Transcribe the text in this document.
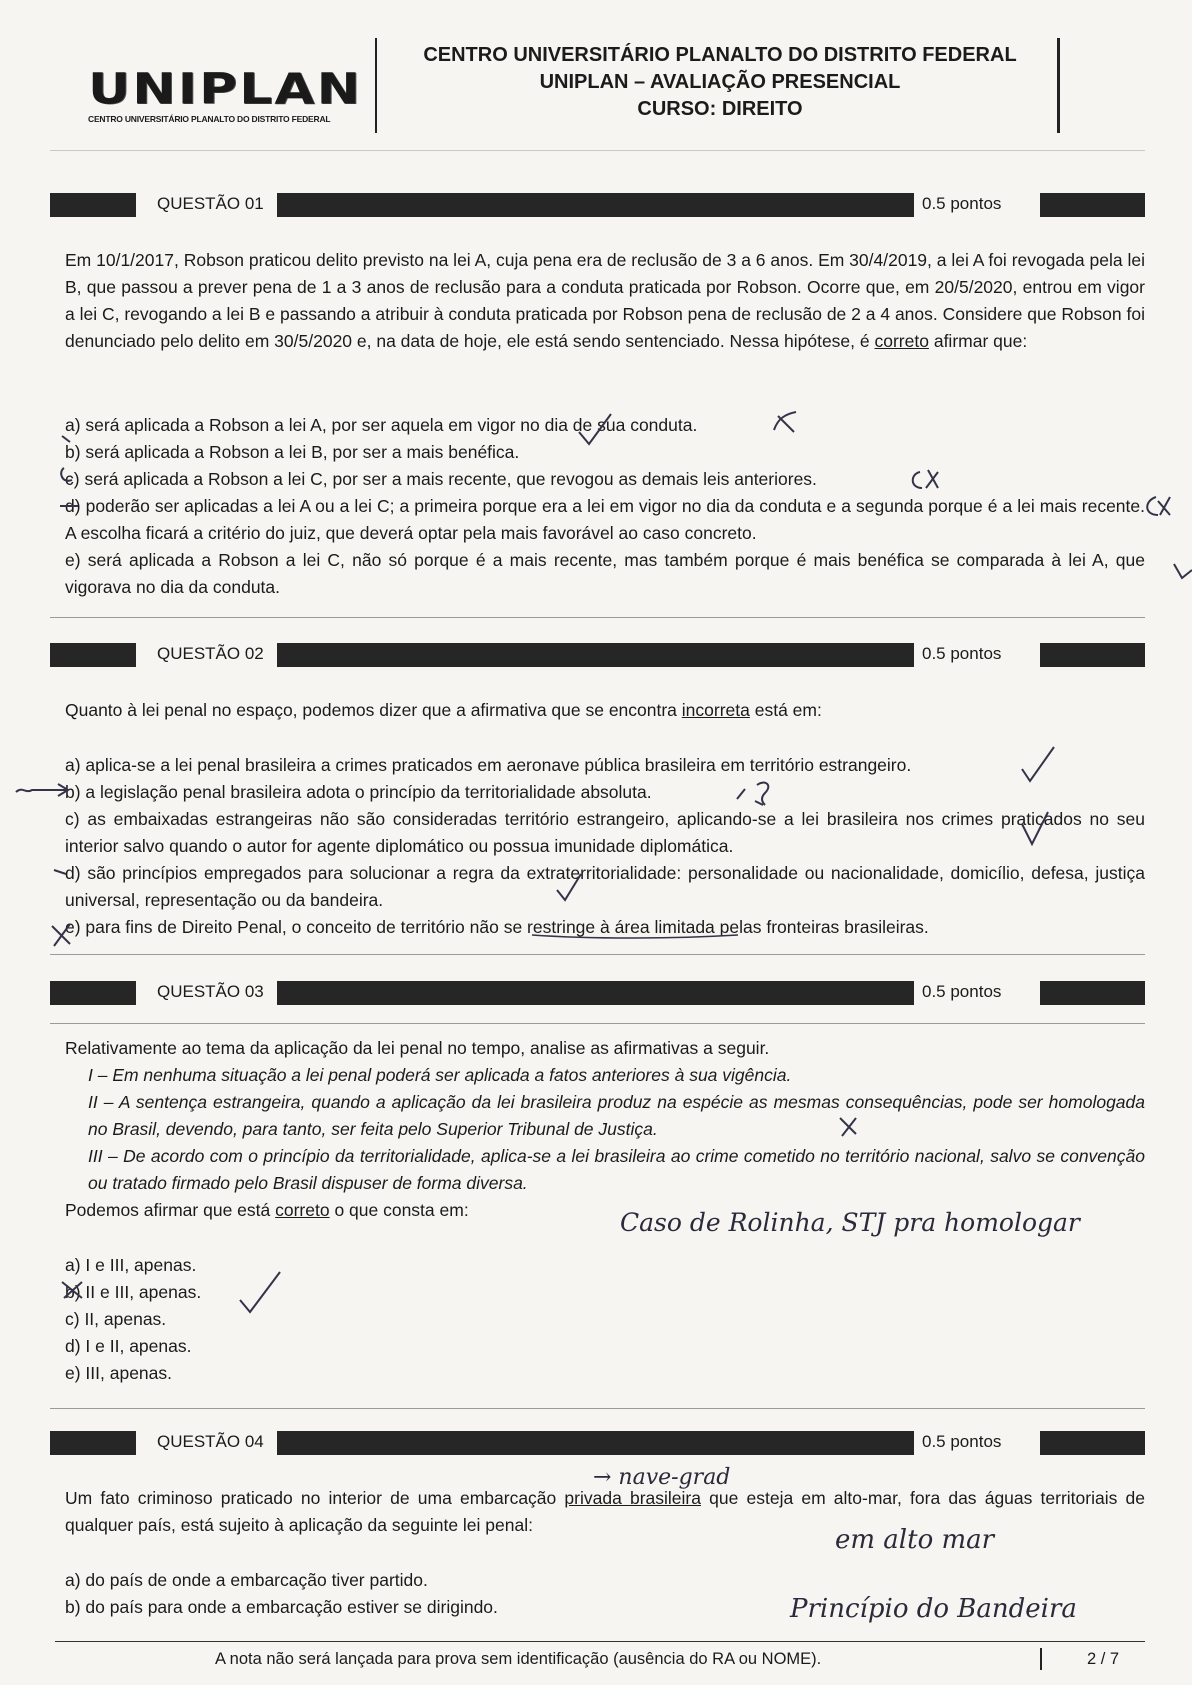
UNIPLAN
CENTRO UNIVERSITÁRIO PLANALTO DO DISTRITO FEDERAL
CENTRO UNIVERSITÁRIO PLANALTO DO DISTRITO FEDERAL
UNIPLAN – AVALIAÇÃO PRESENCIAL
CURSO: DIREITO
QUESTÃO 01	0.5 pontos
Em 10/1/2017, Robson praticou delito previsto na lei A, cuja pena era de reclusão de 3 a 6 anos. Em 30/4/2019, a lei A foi revogada pela lei B, que passou a prever pena de 1 a 3 anos de reclusão para a conduta praticada por Robson. Ocorre que, em 20/5/2020, entrou em vigor a lei C, revogando a lei B e passando a atribuir à conduta praticada por Robson pena de reclusão de 2 a 4 anos. Considere que Robson foi denunciado pelo delito em 30/5/2020 e, na data de hoje, ele está sendo sentenciado. Nessa hipótese, é correto afirmar que:
a) será aplicada a Robson a lei A, por ser aquela em vigor no dia de sua conduta.
b) será aplicada a Robson a lei B, por ser a mais benéfica.
c) será aplicada a Robson a lei C, por ser a mais recente, que revogou as demais leis anteriores.
d) poderão ser aplicadas a lei A ou a lei C; a primeira porque era a lei em vigor no dia da conduta e a segunda porque é a lei mais recente. A escolha ficará a critério do juiz, que deverá optar pela mais favorável ao caso concreto.
e) será aplicada a Robson a lei C, não só porque é a mais recente, mas também porque é mais benéfica se comparada à lei A, que vigorava no dia da conduta.
QUESTÃO 02	0.5 pontos
Quanto à lei penal no espaço, podemos dizer que a afirmativa que se encontra incorreta está em:
a) aplica-se a lei penal brasileira a crimes praticados em aeronave pública brasileira em território estrangeiro.
b) a legislação penal brasileira adota o princípio da territorialidade absoluta.
c) as embaixadas estrangeiras não são consideradas território estrangeiro, aplicando-se a lei brasileira nos crimes praticados no seu interior salvo quando o autor for agente diplomático ou possua imunidade diplomática.
d) são princípios empregados para solucionar a regra da extraterritorialidade: personalidade ou nacionalidade, domicílio, defesa, justiça universal, representação ou da bandeira.
e) para fins de Direito Penal, o conceito de território não se restringe à área limitada pelas fronteiras brasileiras.
QUESTÃO 03	0.5 pontos
Relativamente ao tema da aplicação da lei penal no tempo, analise as afirmativas a seguir.
I – Em nenhuma situação a lei penal poderá ser aplicada a fatos anteriores à sua vigência.
II – A sentença estrangeira, quando a aplicação da lei brasileira produz na espécie as mesmas consequências, pode ser homologada no Brasil, devendo, para tanto, ser feita pelo Superior Tribunal de Justiça.
III – De acordo com o princípio da territorialidade, aplica-se a lei brasileira ao crime cometido no território nacional, salvo se convenção ou tratado firmado pelo Brasil dispuser de forma diversa.
Podemos afirmar que está correto o que consta em:	Caso de Rolinha, STJ pra homologar
a) I e III, apenas.
b) II e III, apenas.
c) II, apenas.
d) I e II, apenas.
e) III, apenas.
QUESTÃO 04	0.5 pontos
→ nave-grad
Um fato criminoso praticado no interior de uma embarcação privada brasileira que esteja em alto-mar, fora das águas territoriais de qualquer país, está sujeito à aplicação da seguinte lei penal:	em alto mar
a) do país de onde a embarcação tiver partido.
b) do país para onde a embarcação estiver se dirigindo.	Princípio do Bandeira
A nota não será lançada para prova sem identificação (ausência do RA ou NOME).	2 / 7
